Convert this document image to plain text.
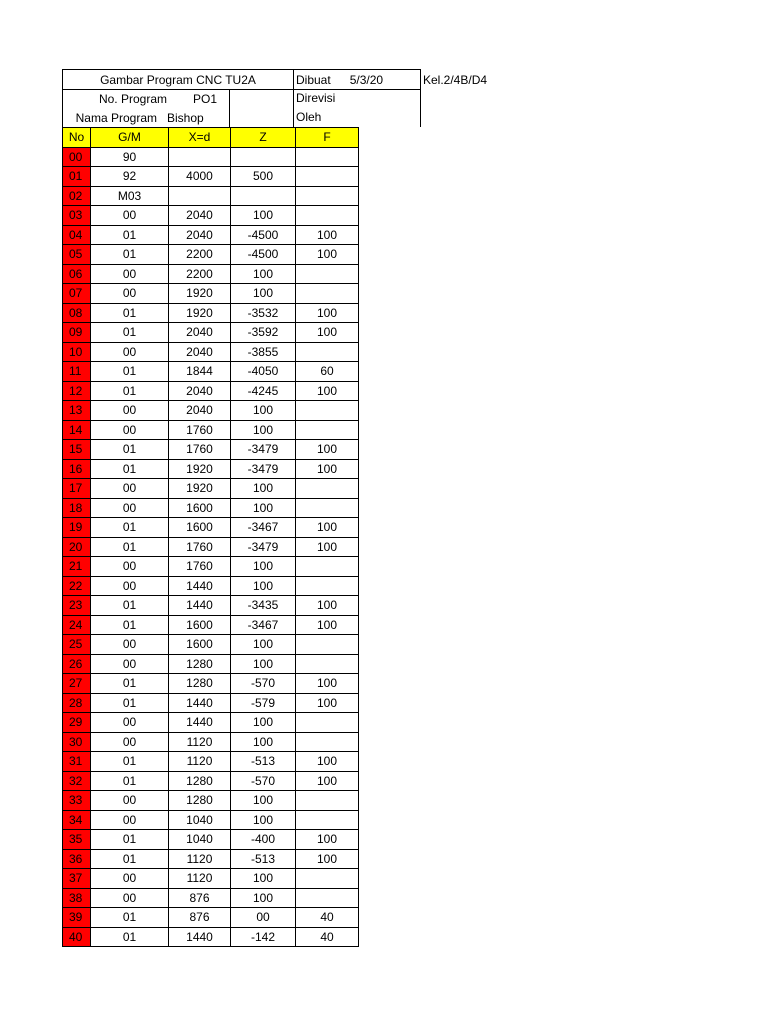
Gambar Program CNC TU2A	Dibuat 5/3/20	Kel.2/4B/D4
No. Program PO1
Nama Program Bishop
Direvisi
Oleh
No	G/M	X=d	Z	F
00	90			
01	92	4000	500	
02	M03			
03	00	2040	100	
04	01	2040	-4500	100
05	01	2200	-4500	100
06	00	2200	100	
07	00	1920	100	
08	01	1920	-3532	100
09	01	2040	-3592	100
10	00	2040	-3855	
11	01	1844	-4050	60
12	01	2040	-4245	100
13	00	2040	100	
14	00	1760	100	
15	01	1760	-3479	100
16	01	1920	-3479	100
17	00	1920	100	
18	00	1600	100	
19	01	1600	-3467	100
20	01	1760	-3479	100
21	00	1760	100	
22	00	1440	100	
23	01	1440	-3435	100
24	01	1600	-3467	100
25	00	1600	100	
26	00	1280	100	
27	01	1280	-570	100
28	01	1440	-579	100
29	00	1440	100	
30	00	1120	100	
31	01	1120	-513	100
32	01	1280	-570	100
33	00	1280	100	
34	00	1040	100	
35	01	1040	-400	100
36	01	1120	-513	100
37	00	1120	100	
38	00	876	100	
39	01	876	00	40
40	01	1440	-142	40
